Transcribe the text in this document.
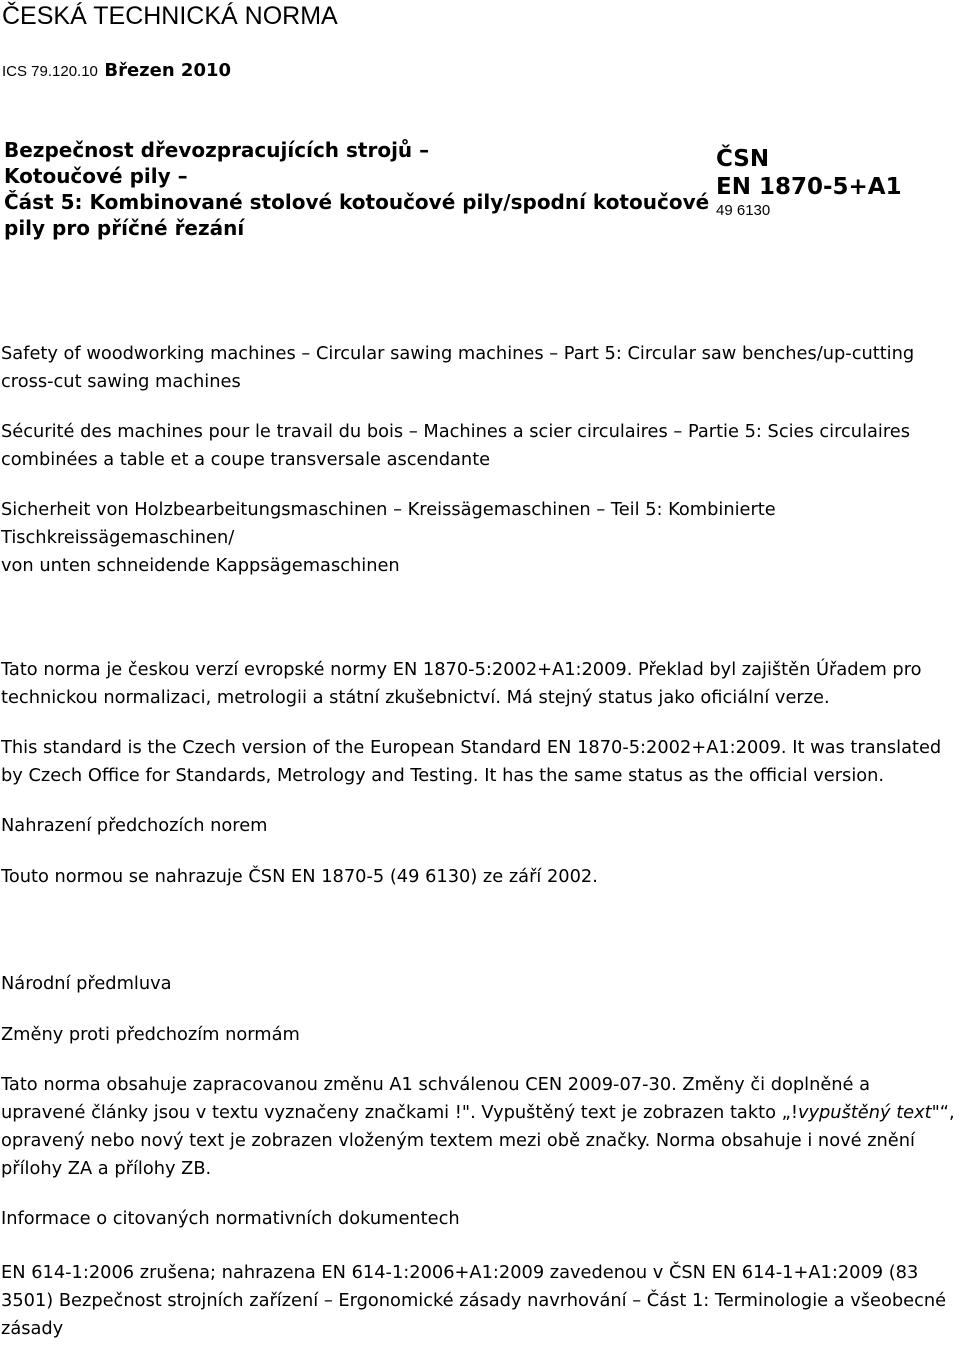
ČESKÁ TECHNICKÁ NORMA
ICS 79.120.10 Březen 2010
Bezpečnost dřevozpracujících strojů –
Kotoučové pily –
Část 5: Kombinované stolové kotoučové pily/spodní kotoučové
pily pro příčné řezání
ČSN
EN 1870-5+A1
49 6130

Safety of woodworking machines – Circular sawing machines – Part 5: Circular saw benches/up-cutting cross-cut sawing machines

Sécurité des machines pour le travail du bois – Machines a scier circulaires – Partie 5: Scies circulaires combinées a table et a coupe transversale ascendante

Sicherheit von Holzbearbeitungsmaschinen – Kreissägemaschinen – Teil 5: Kombinierte Tischkreissägemaschinen/

von unten schneidende Kappsägemaschinen

Tato norma je českou verzí evropské normy EN 1870-5:2002+A1:2009. Překlad byl zajištěn Úřadem pro technickou normalizaci, metrologii a státní zkušebnictví. Má stejný status jako oficiální verze.

This standard is the Czech version of the European Standard EN 1870-5:2002+A1:2009. It was translated by Czech Office for Standards, Metrology and Testing. It has the same status as the official version.

Nahrazení předchozích norem

Touto normou se nahrazuje ČSN EN 1870-5 (49 6130) ze září 2002.

Národní předmluva

Změny proti předchozím normám

Tato norma obsahuje zapracovanou změnu A1 schválenou CEN 2009-07-30. Změny či doplněné a upravené články jsou v textu vyznačeny značkami !". Vypuštěný text je zobrazen takto „!vypuštěný text"“, opravený nebo nový text je zobrazen vloženým textem mezi obě značky. Norma obsahuje i nové znění přílohy ZA a přílohy ZB.

Informace o citovaných normativních dokumentech

EN 614-1:2006 zrušena; nahrazena EN 614-1:2006+A1:2009 zavedenou v ČSN EN 614-1+A1:2009 (83 3501) Bezpečnost strojních zařízení – Ergonomické zásady navrhování – Část 1: Terminologie a všeobecné zásady
